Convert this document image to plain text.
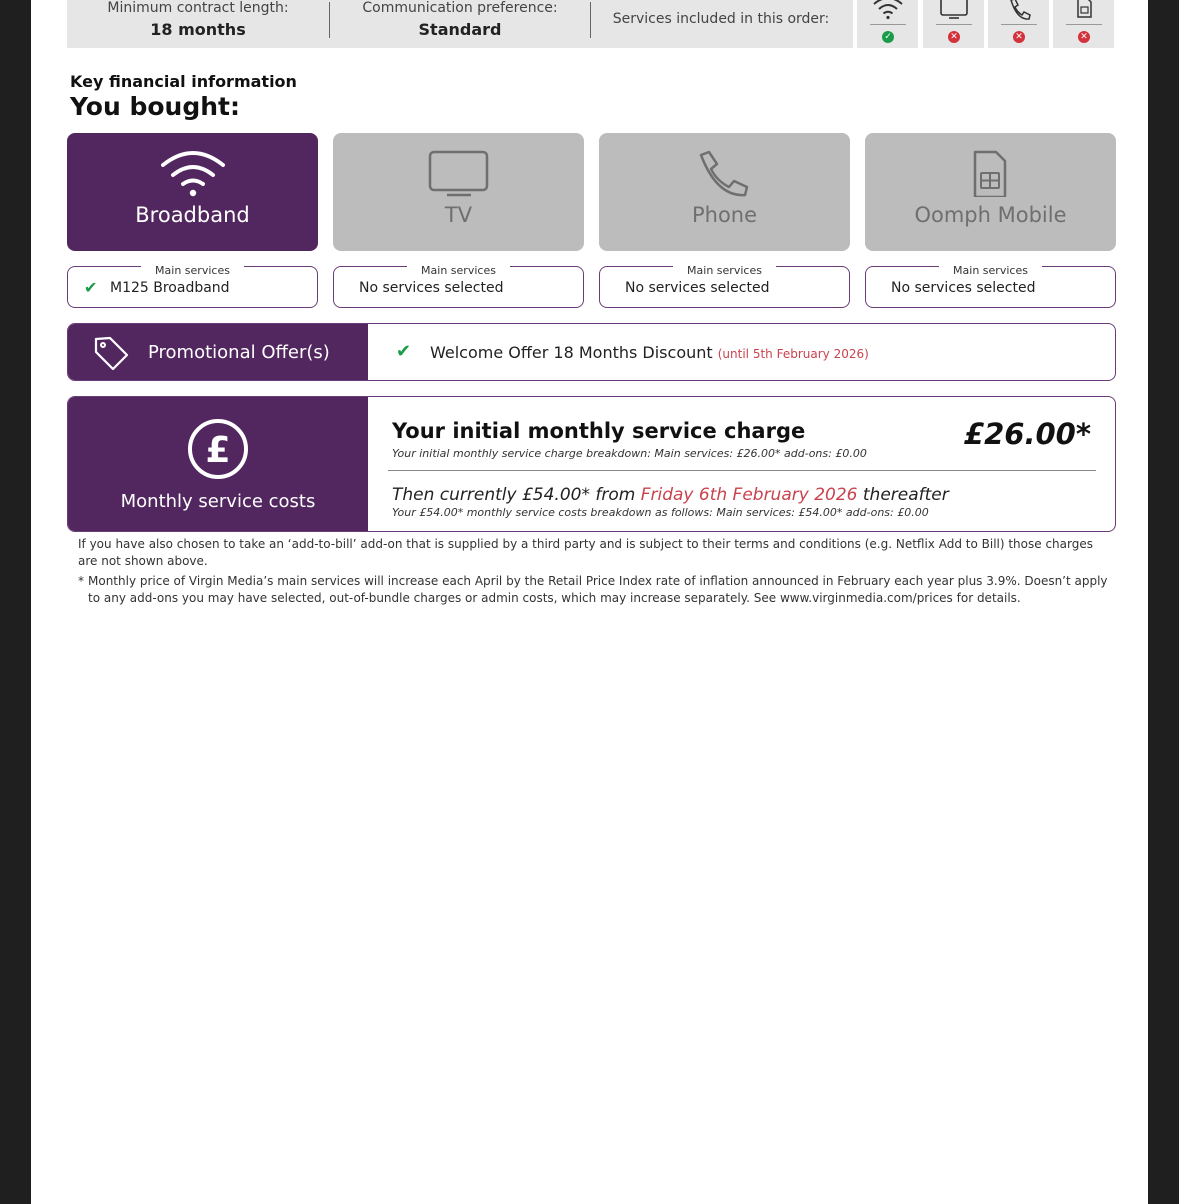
Minimum contract length:
18 months
Communication preference:
Standard
Services included in this order:
✓	✕	✕	✕
Key financial information
You bought:
Broadband	TV	Phone	Oomph Mobile
Main services
✔ M125 Broadband
Main services
No services selected
Main services
No services selected
Main services
No services selected
Promotional Offer(s)	✔ Welcome Offer 18 Months Discount (until 5th February 2026)
£
Monthly service costs
Your initial monthly service charge
Your initial monthly service charge breakdown: Main services: £26.00* add-ons: £0.00
£26.00*
Then currently £54.00* from Friday 6th February 2026 thereafter
Your £54.00* monthly service costs breakdown as follows: Main services: £54.00* add-ons: £0.00
If you have also chosen to take an ‘add-to-bill’ add-on that is supplied by a third party and is subject to their terms and conditions (e.g. Netflix Add to Bill) those charges are not shown above.
* Monthly price of Virgin Media’s main services will increase each April by the Retail Price Index rate of inflation announced in February each year plus 3.9%. Doesn’t apply to any add-ons you may have selected, out-of-bundle charges or admin costs, which may increase separately. See www.virginmedia.com/prices for details.
